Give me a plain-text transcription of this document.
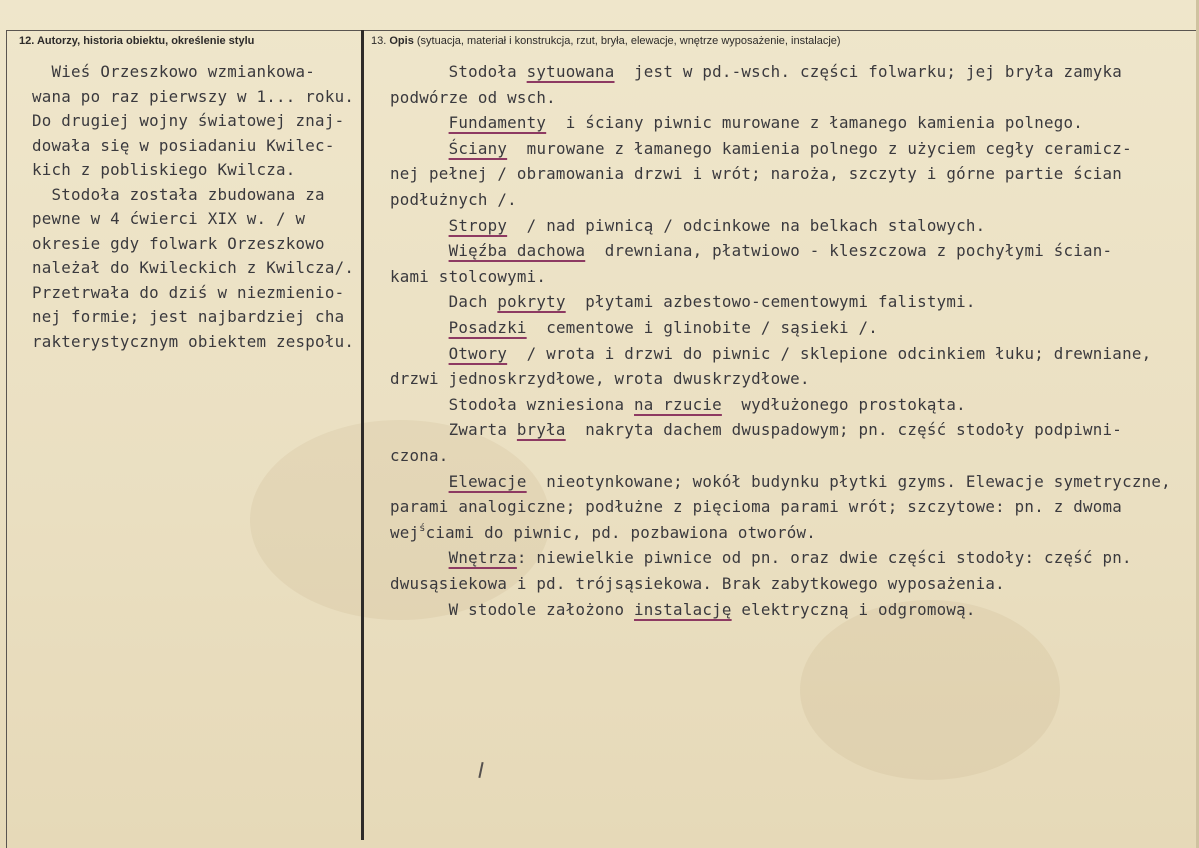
12. Autorzy, historia obiektu, określenie stylu	13. Opis (sytuacja, materiał i konstrukcja, rzut, bryła, elewacje, wnętrze wyposażenie, instalacje)
Wieś Orzeszkowo wzmiankowa-
wana po raz pierwszy w 1... roku.
Do drugiej wojny światowej znaj-
dowała się w posiadaniu Kwilec-
kich z pobliskiego Kwilcza.
Stodoła została zbudowana za
pewne w 4 ćwierci XIX w. / w
okresie gdy folwark Orzeszkowo
należał do Kwileckich z Kwilcza/.
Przetrwała do dziś w niezmienio-
nej formie; jest najbardziej cha
rakterystycznym obiektem zespołu.
Stodoła sytuowana  jest w pd.-wsch. części folwarku; jej bryła zamyka
podwórze od wsch.
Fundamenty  i ściany piwnic murowane z łamanego kamienia polnego.
Ściany  murowane z łamanego kamienia polnego z użyciem cegły ceramicz-
nej pełnej / obramowania drzwi i wrót; naroża, szczyty i górne partie ścian
podłużnych /.
Stropy  / nad piwnicą / odcinkowe na belkach stalowych.
Więźba dachowa  drewniana, płatwiowo - kleszczowa z pochyłymi ścian-
kami stolcowymi.
Dach pokryty  płytami azbestowo-cementowymi falistymi.
Posadzki  cementowe i glinobite / sąsieki /.
Otwory  / wrota i drzwi do piwnic / sklepione odcinkiem łuku; drewniane,
drzwi jednoskrzydłowe, wrota dwuskrzydłowe.
Stodoła wzniesiona na rzucie  wydłużonego prostokąta.
Zwarta bryła  nakryta dachem dwuspadowym; pn. część stodoły podpiwni-
czona.
Elewacje  nieotynkowane; wokół budynku płytki gzyms. Elewacje symetryczne,
parami analogiczne; podłużne z pięcioma parami wrót; szczytowe: pn. z dwoma
wej$^ś$ciami do piwnic, pd. pozbawiona otworów.
Wnętrza: niewielkie piwnice od pn. oraz dwie części stodoły: część pn.
dwusąsiekowa i pd. trójsąsiekowa. Brak zabytkowego wyposażenia.
W stodole założono instalację elektryczną i odgromową.
